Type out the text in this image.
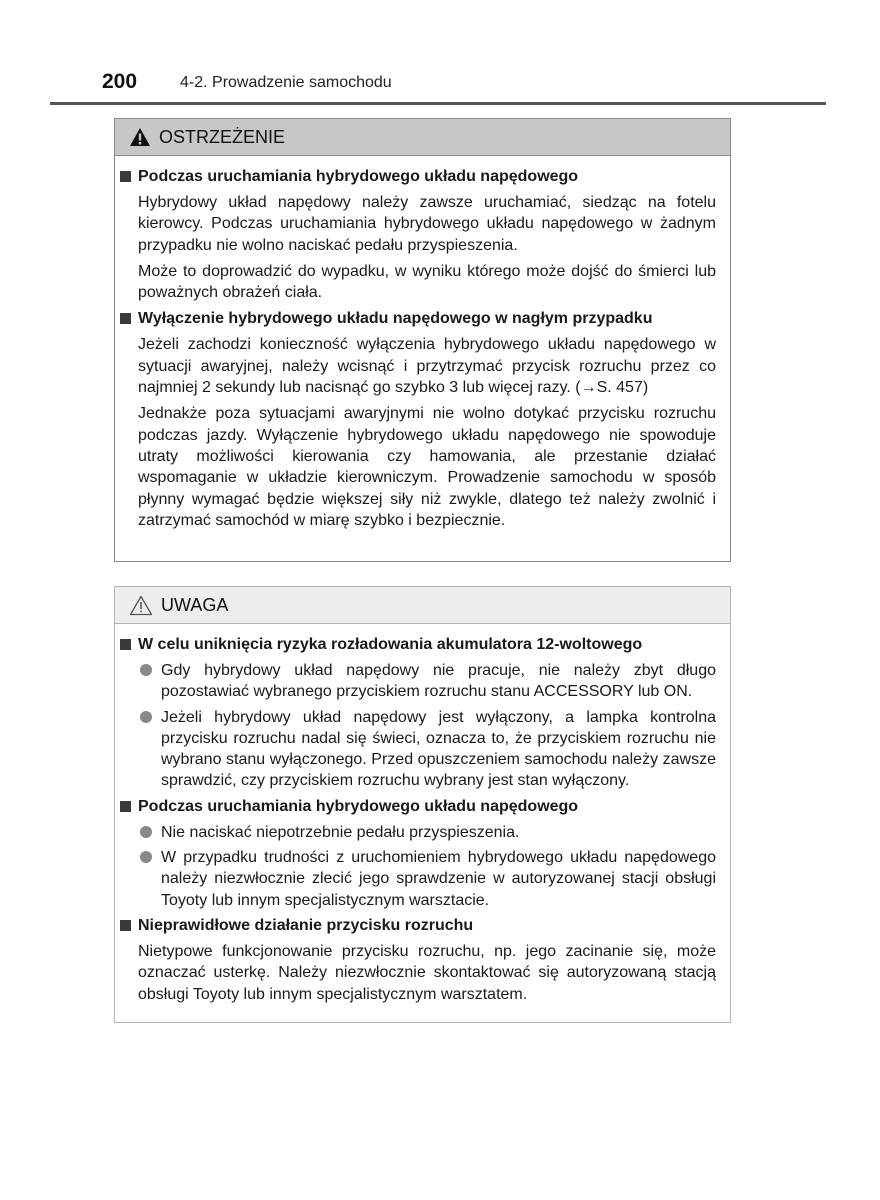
200	4-2. Prowadzenie samochodu
OSTRZEŻENIE
Podczas uruchamiania hybrydowego układu napędowego
Hybrydowy układ napędowy należy zawsze uruchamiać, siedząc na fotelu kierowcy. Podczas uruchamiania hybrydowego układu napędowego w żadnym przypadku nie wolno naciskać pedału przyspieszenia.
Może to doprowadzić do wypadku, w wyniku którego może dojść do śmierci lub poważnych obrażeń ciała.
Wyłączenie hybrydowego układu napędowego w nagłym przypadku
Jeżeli zachodzi konieczność wyłączenia hybrydowego układu napędowego w sytuacji awaryjnej, należy wcisnąć i przytrzymać przycisk rozruchu przez co najmniej 2 sekundy lub nacisnąć go szybko 3 lub więcej razy. (→S. 457)
Jednakże poza sytuacjami awaryjnymi nie wolno dotykać przycisku rozruchu podczas jazdy. Wyłączenie hybrydowego układu napędowego nie spowoduje utraty możliwości kierowania czy hamowania, ale przestanie działać wspomaganie w układzie kierowniczym. Prowadzenie samochodu w sposób płynny wymagać będzie większej siły niż zwykle, dlatego też należy zwolnić i zatrzymać samochód w miarę szybko i bezpiecznie.
UWAGA
W celu uniknięcia ryzyka rozładowania akumulatora 12-woltowego
Gdy hybrydowy układ napędowy nie pracuje, nie należy zbyt długo pozostawiać wybranego przyciskiem rozruchu stanu ACCESSORY lub ON.
Jeżeli hybrydowy układ napędowy jest wyłączony, a lampka kontrolna przycisku rozruchu nadal się świeci, oznacza to, że przyciskiem rozruchu nie wybrano stanu wyłączonego. Przed opuszczeniem samochodu należy zawsze sprawdzić, czy przyciskiem rozruchu wybrany jest stan wyłączony.
Podczas uruchamiania hybrydowego układu napędowego
Nie naciskać niepotrzebnie pedału przyspieszenia.
W przypadku trudności z uruchomieniem hybrydowego układu napędowego należy niezwłocznie zlecić jego sprawdzenie w autoryzowanej stacji obsługi Toyoty lub innym specjalistycznym warsztacie.
Nieprawidłowe działanie przycisku rozruchu
Nietypowe funkcjonowanie przycisku rozruchu, np. jego zacinanie się, może oznaczać usterkę. Należy niezwłocznie skontaktować się autoryzowaną stacją obsługi Toyoty lub innym specjalistycznym warsztatem.
